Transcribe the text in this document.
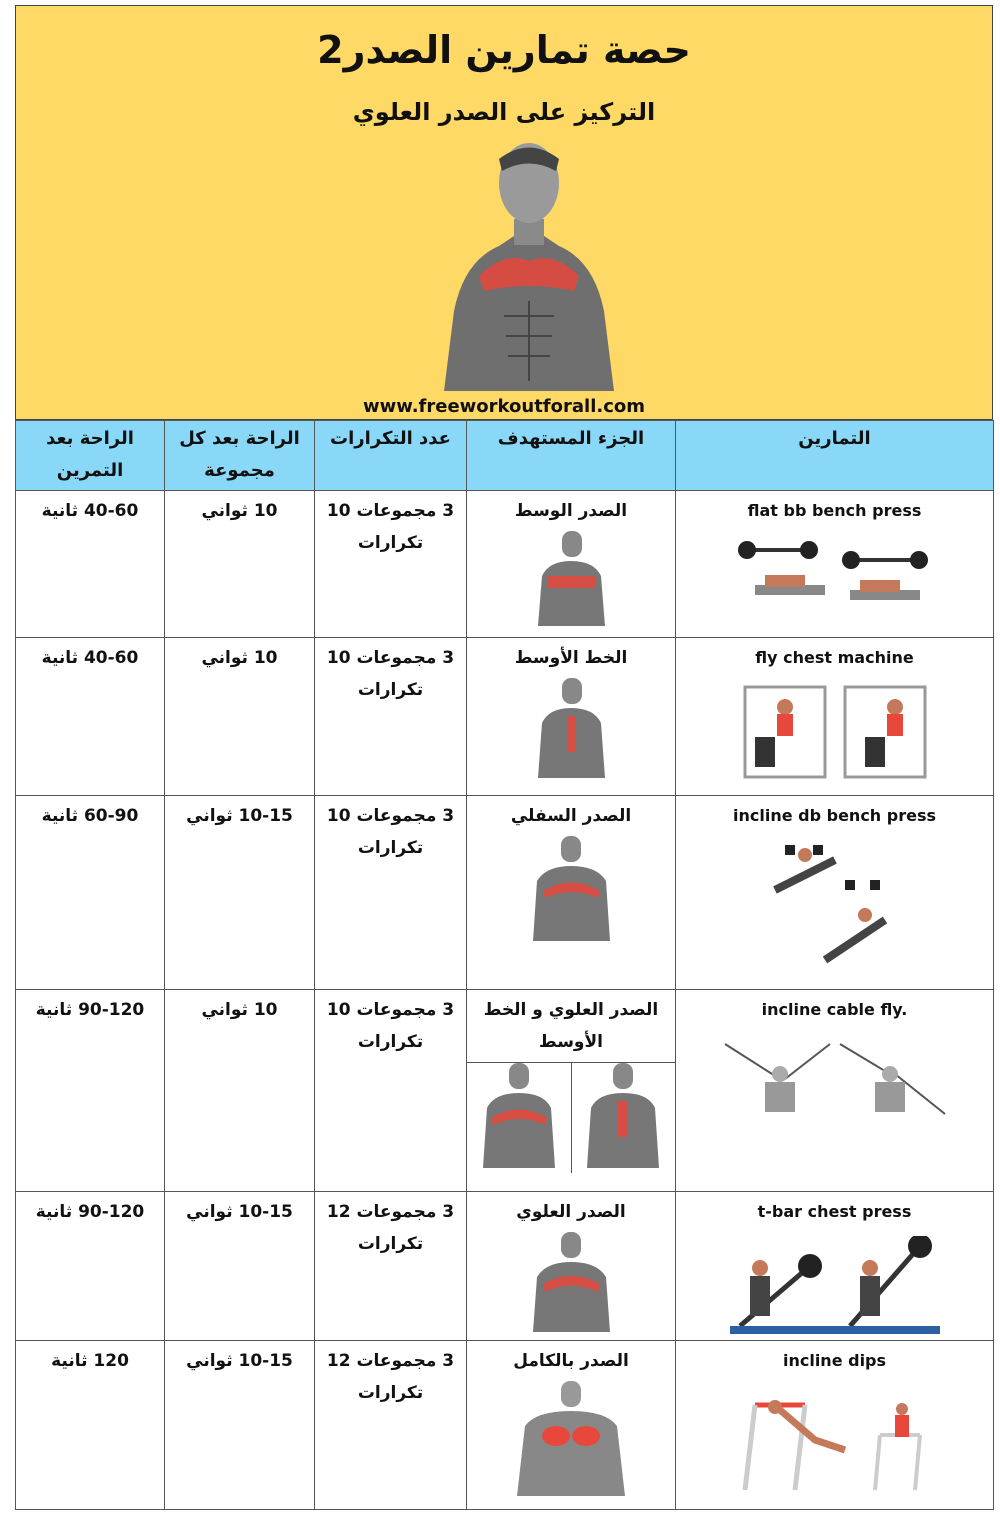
حصة تمارين الصدر2
التركيز على الصدر العلوي
www.freeworkoutforall.com
التمارين	الجزء المستهدف	عدد التكرارات	الراحة بعد كل مجموعة	الراحة بعد التمرين

flat bb bench press	الصدر الوسط	3 مجموعات 10 تكرارات	10 ثواني	40-60 ثانية

fly chest machine	الخط الأوسط	3 مجموعات 10 تكرارات	10 ثواني	40-60 ثانية

incline db bench press	الصدر السفلي	3 مجموعات 10 تكرارات	10-15 ثواني	60-90 ثانية

incline cable fly.	الصدر العلوي و الخط الأوسط	3 مجموعات 10 تكرارات	10 ثواني	90-120 ثانية

t-bar chest press	الصدر العلوي	3 مجموعات 12 تكرارات	10-15 ثواني	90-120 ثانية

incline dips	الصدر بالكامل	3 مجموعات 12 تكرارات	10-15 ثواني	120 ثانية
